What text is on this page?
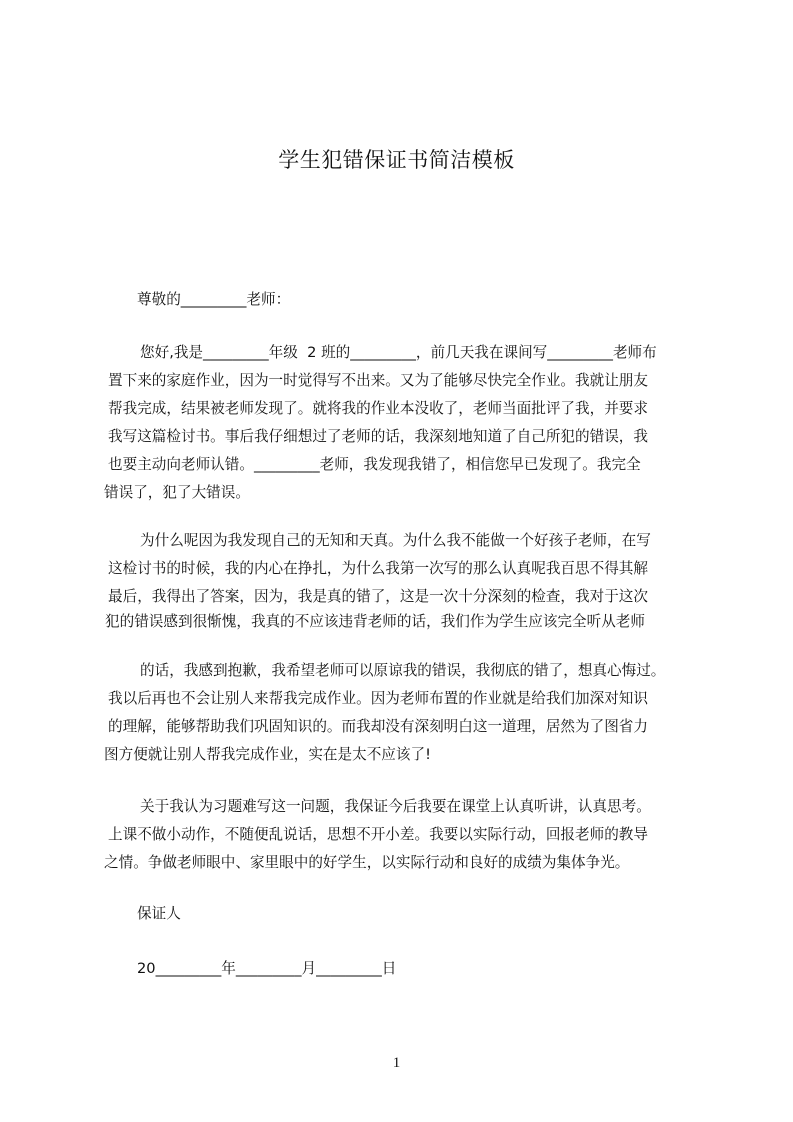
学生犯错保证书简洁模板
尊敬的_________老师：
您好,我是_________年级  2 班的_________，前几天我在课间写_________老师布
置下来的家庭作业，因为一时觉得写不出来。又为了能够尽快完全作业。我就让朋友
帮我完成，结果被老师发现了。就将我的作业本没收了，老师当面批评了我，并要求
我写这篇检讨书。事后我仔细想过了老师的话，我深刻地知道了自己所犯的错误，我
也要主动向老师认错。_________老师，我发现我错了，相信您早已发现了。我完全
错误了，犯了大错误。
为什么呢因为我发现自己的无知和天真。为什么我不能做一个好孩子老师，在写
这检讨书的时候，我的内心在挣扎，为什么我第一次写的那么认真呢我百思不得其解
最后，我得出了答案，因为，我是真的错了，这是一次十分深刻的检查，我对于这次
犯的错误感到很惭愧，我真的不应该违背老师的话，我们作为学生应该完全听从老师
的话，我感到抱歉，我希望老师可以原谅我的错误，我彻底的错了，想真心悔过。
我以后再也不会让别人来帮我完成作业。因为老师布置的作业就是给我们加深对知识
的理解，能够帮助我们巩固知识的。而我却没有深刻明白这一道理，居然为了图省力
图方便就让别人帮我完成作业，实在是太不应该了!
关于我认为习题难写这一问题，我保证今后我要在课堂上认真听讲，认真思考。
上课不做小动作，不随便乱说话，思想不开小差。我要以实际行动，回报老师的教导
之情。争做老师眼中、家里眼中的好学生，以实际行动和良好的成绩为集体争光。
保证人
20_________年_________月_________日
1
